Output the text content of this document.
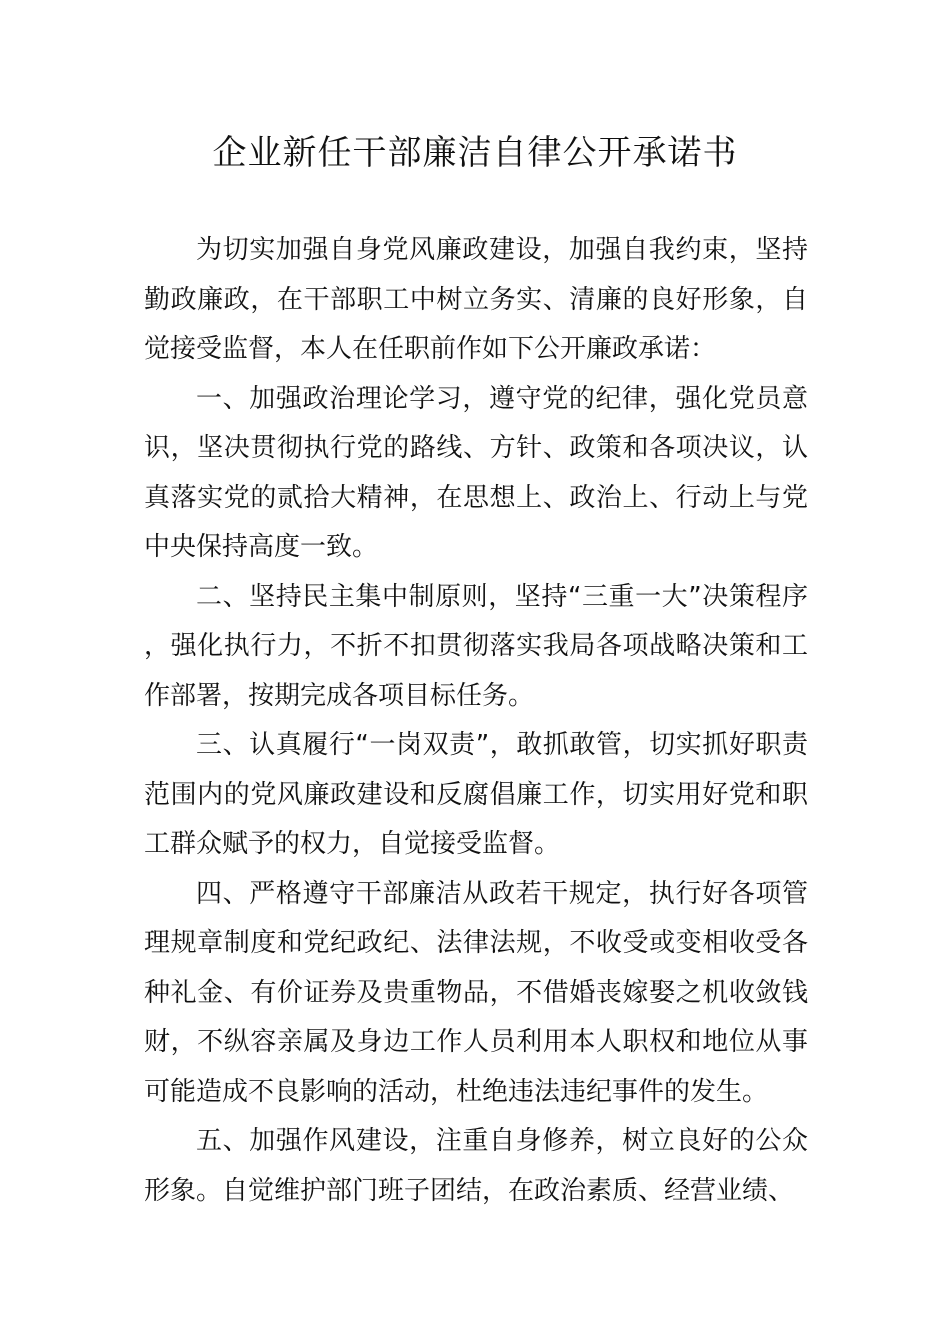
企业新任干部廉洁自律公开承诺书

为切实加强自身党风廉政建设，加强自我约束，坚持勤政廉政，在干部职工中树立务实、清廉的良好形象，自觉接受监督，本人在任职前作如下公开廉政承诺：

一、加强政治理论学习，遵守党的纪律，强化党员意识，坚决贯彻执行党的路线、方针、政策和各项决议，认真落实党的贰拾大精神，在思想上、政治上、行动上与党中央保持高度一致。

二、坚持民主集中制原则，坚持“三重一大”决策程序，强化执行力，不折不扣贯彻落实我局各项战略决策和工作部署，按期完成各项目标任务。

三、认真履行“一岗双责”，敢抓敢管，切实抓好职责范围内的党风廉政建设和反腐倡廉工作，切实用好党和职工群众赋予的权力，自觉接受监督。

四、严格遵守干部廉洁从政若干规定，执行好各项管理规章制度和党纪政纪、法律法规，不收受或变相收受各种礼金、有价证券及贵重物品，不借婚丧嫁娶之机收敛钱财，不纵容亲属及身边工作人员利用本人职权和地位从事可能造成不良影响的活动，杜绝违法违纪事件的发生。

五、加强作风建设，注重自身修养，树立良好的公众形象。自觉维护部门班子团结，在政治素质、经营业绩、
